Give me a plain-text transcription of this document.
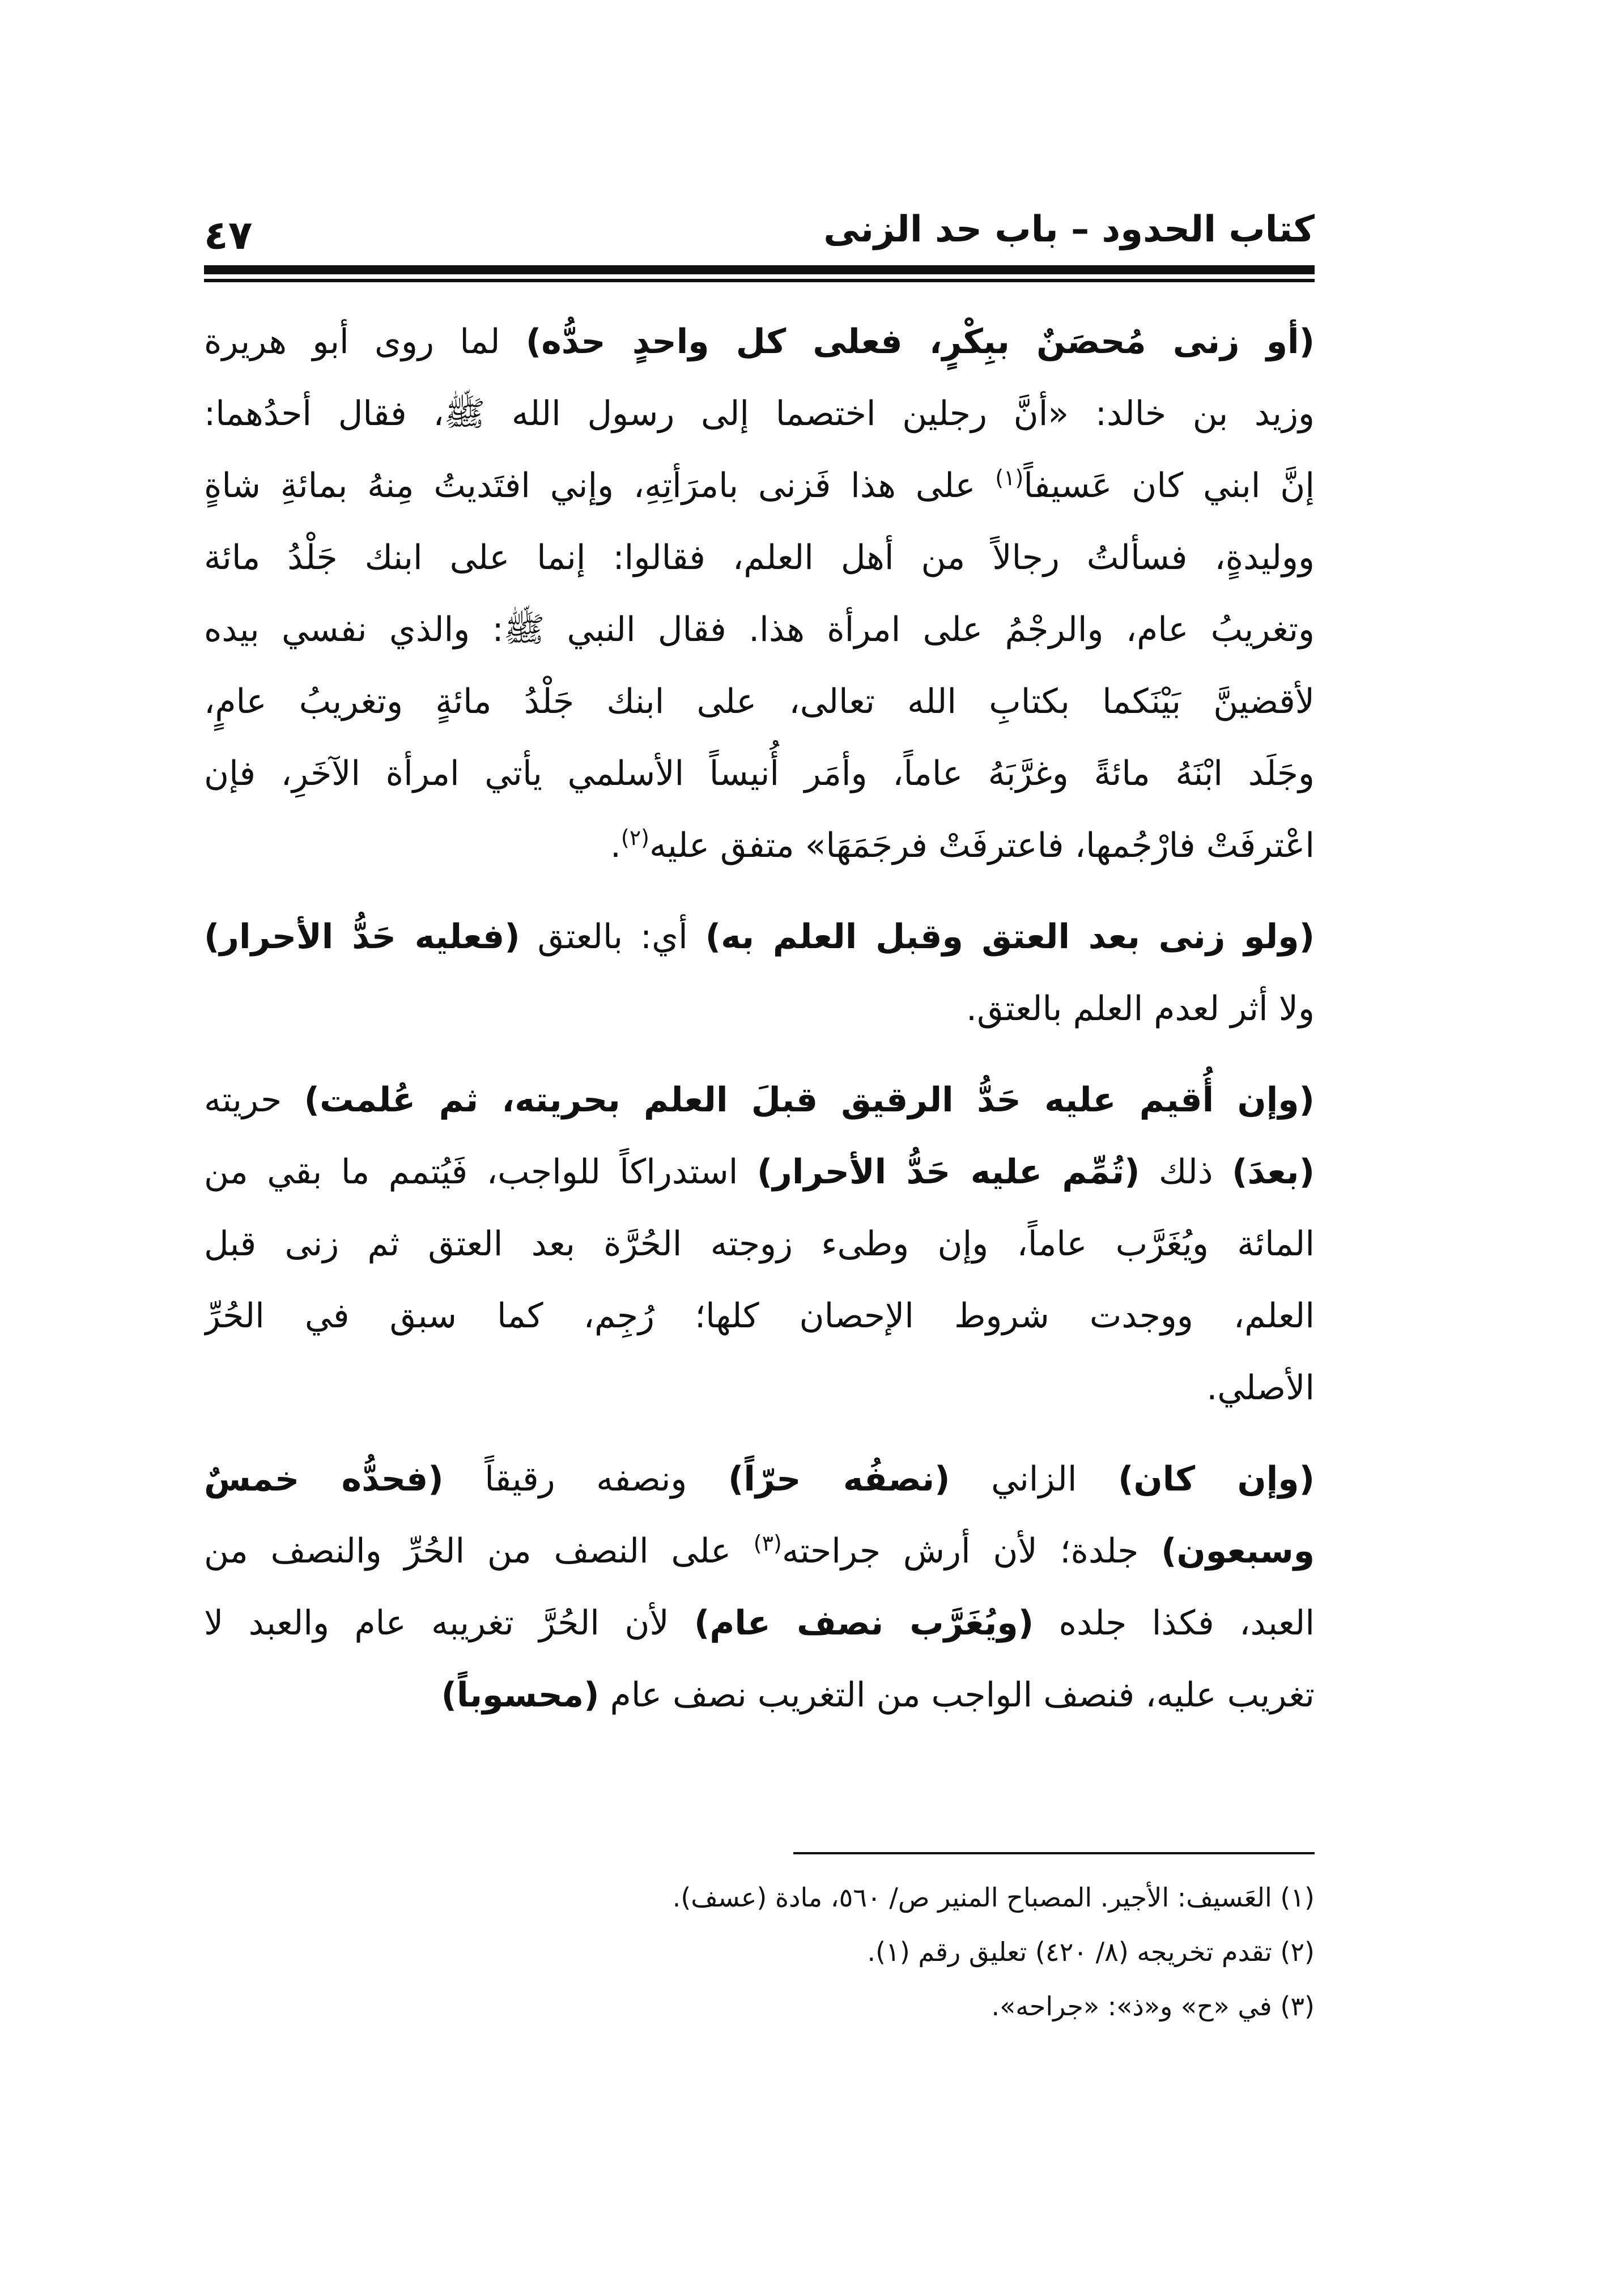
كتاب الحدود – باب حد الزنى
٤٧
(أو زنى مُحصَنٌ ببِكْرٍ، فعلى كل واحدٍ حدُّه) لما روى أبو هريرة
وزيد بن خالد: «أنَّ رجلين اختصما إلى رسول الله ﷺ، فقال أحدُهما:
إنَّ ابني كان عَسيفاً$^{(١)}$ على هذا فَزنى بامرَأتِهِ، وإني افتَديتُ مِنهُ بمائةِ شاةٍ
ووليدةٍ، فسألتُ رجالاً من أهل العلم، فقالوا: إنما على ابنك جَلْدُ مائة
وتغريبُ عام، والرجْمُ على امرأة هذا. فقال النبي ﷺ: والذي نفسي بيده
لأقضينَّ بَيْنَكما بكتابِ الله تعالى، على ابنك جَلْدُ مائةٍ وتغريبُ عامٍ،
وجَلَد ابْنَهُ مائةً وغرَّبَهُ عاماً، وأمَر أُنيساً الأسلمي يأتي امرأة الآخَرِ، فإن
اعْترفَتْ فارْجُمها، فاعترفَتْ فرجَمَهَا» متفق عليه$^{(٢)}$.
(ولو زنى بعد العتق وقبل العلم به) أي: بالعتق (فعليه حَدُّ الأحرار)
ولا أثر لعدم العلم بالعتق.
(وإن أُقيم عليه حَدُّ الرقيق قبلَ العلم بحريته، ثم عُلمت) حريته
(بعدَ) ذلك (تُمِّم عليه حَدُّ الأحرار) استدراكاً للواجب، فَيُتمم ما بقي من
المائة ويُغَرَّب عاماً، وإن وطىء زوجته الحُرَّة بعد العتق ثم زنى قبل
العلم، ووجدت شروط الإحصان كلها؛ رُجِم، كما سبق في الحُرِّ
الأصلي.
(وإن كان) الزاني (نصفُه حرّاً) ونصفه رقيقاً (فحدُّه خمسٌ
وسبعون) جلدة؛ لأن أرش جراحته$^{(٣)}$ على النصف من الحُرِّ والنصف من
العبد، فكذا جلده (ويُغَرَّب نصف عام) لأن الحُرَّ تغريبه عام والعبد لا
تغريب عليه، فنصف الواجب من التغريب نصف عام (محسوباً)
(١) العَسيف: الأجير. المصباح المنير ص/ ٥٦٠، مادة (عسف).
(٢) تقدم تخريجه (٨/ ٤٢٠) تعليق رقم (١).
(٣) في «ح» و«ذ»: «جراحه».
